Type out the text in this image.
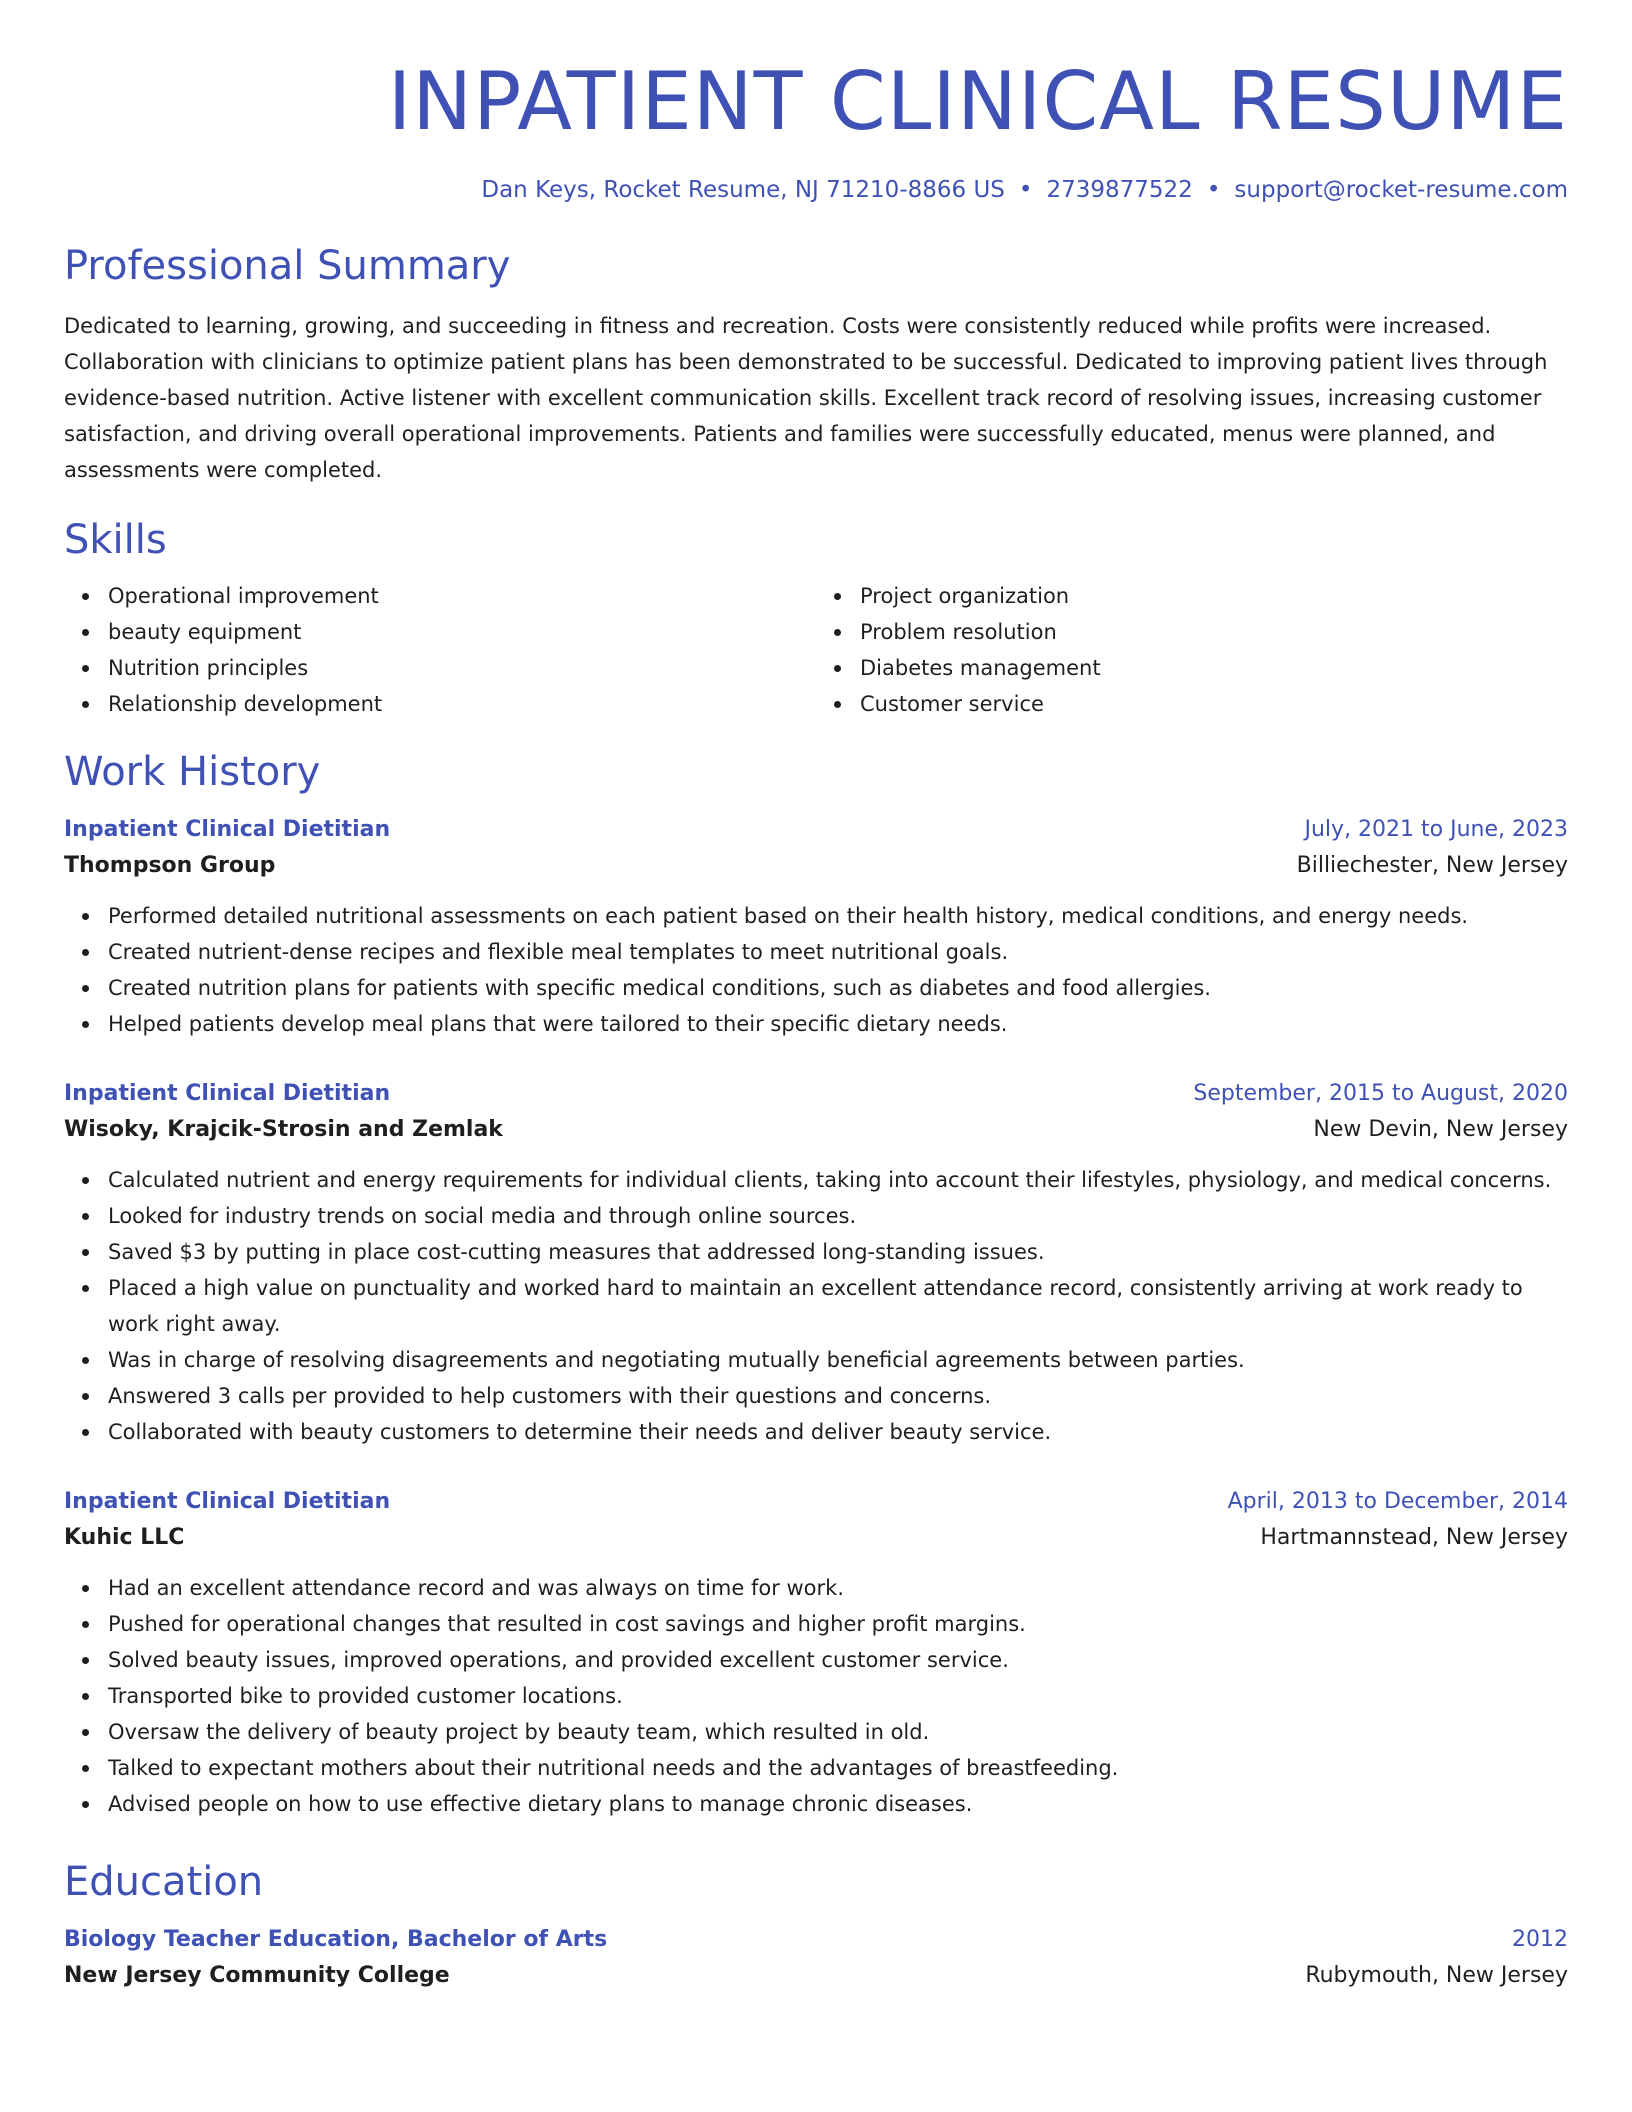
INPATIENT CLINICAL RESUME
Dan Keys, Rocket Resume, NJ 71210-8866 US • 2739877522 • support@rocket-resume.com
Professional Summary

Dedicated to learning, growing, and succeeding in fitness and recreation. Costs were consistently reduced while profits were increased. Collaboration with clinicians to optimize patient plans has been demonstrated to be successful. Dedicated to improving patient lives through evidence-based nutrition. Active listener with excellent communication skills. Excellent track record of resolving issues, increasing customer satisfaction, and driving overall operational improvements. Patients and families were successfully educated, menus were planned, and assessments were completed.

Skills
Operational improvement
beauty equipment
Nutrition principles
Relationship development
Project organization
Problem resolution
Diabetes management
Customer service
Work History
Inpatient Clinical Dietitian	July, 2021 to June, 2023
Thompson Group	Billiechester, New Jersey
Performed detailed nutritional assessments on each patient based on their health history, medical conditions, and energy needs.
Created nutrient-dense recipes and flexible meal templates to meet nutritional goals.
Created nutrition plans for patients with specific medical conditions, such as diabetes and food allergies.
Helped patients develop meal plans that were tailored to their specific dietary needs.
Inpatient Clinical Dietitian	September, 2015 to August, 2020
Wisoky, Krajcik-Strosin and Zemlak	New Devin, New Jersey
Calculated nutrient and energy requirements for individual clients, taking into account their lifestyles, physiology, and medical concerns.
Looked for industry trends on social media and through online sources.
Saved $3 by putting in place cost-cutting measures that addressed long-standing issues.
Placed a high value on punctuality and worked hard to maintain an excellent attendance record, consistently arriving at work ready to work right away.
Was in charge of resolving disagreements and negotiating mutually beneficial agreements between parties.
Answered 3 calls per provided to help customers with their questions and concerns.
Collaborated with beauty customers to determine their needs and deliver beauty service.
Inpatient Clinical Dietitian	April, 2013 to December, 2014
Kuhic LLC	Hartmannstead, New Jersey
Had an excellent attendance record and was always on time for work.
Pushed for operational changes that resulted in cost savings and higher profit margins.
Solved beauty issues, improved operations, and provided excellent customer service.
Transported bike to provided customer locations.
Oversaw the delivery of beauty project by beauty team, which resulted in old.
Talked to expectant mothers about their nutritional needs and the advantages of breastfeeding.
Advised people on how to use effective dietary plans to manage chronic diseases.
Education
Biology Teacher Education, Bachelor of Arts	2012
New Jersey Community College	Rubymouth, New Jersey
